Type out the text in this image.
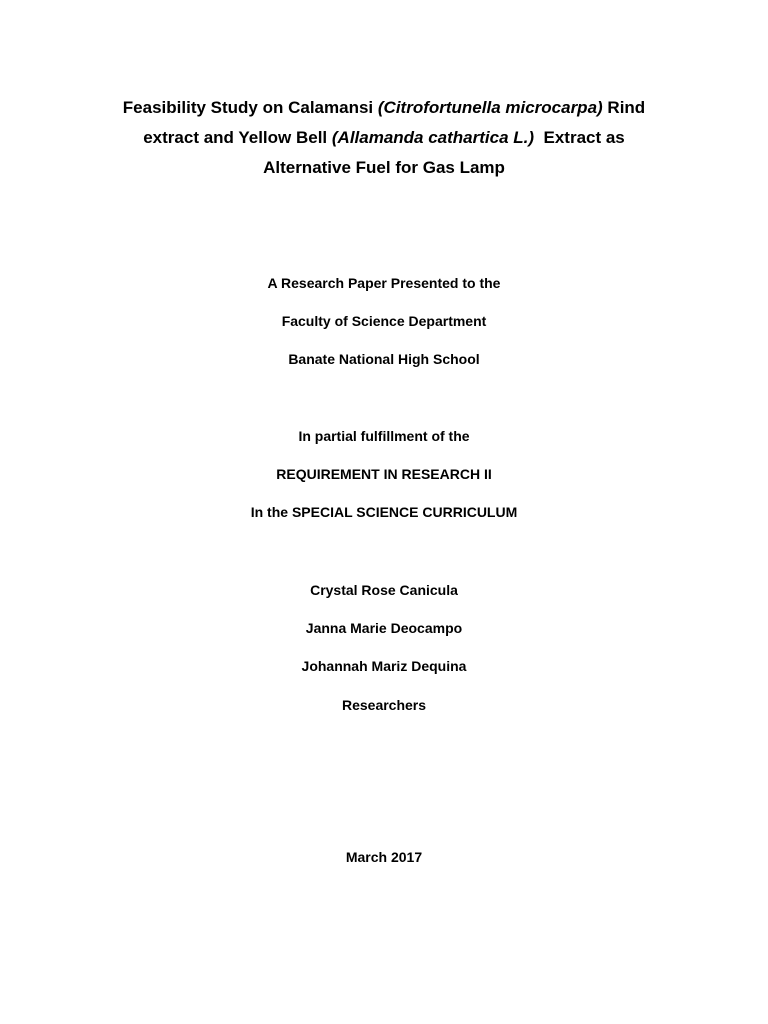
Feasibility Study on Calamansi (Citrofortunella microcarpa) Rind
extract and Yellow Bell (Allamanda cathartica L.)  Extract as
Alternative Fuel for Gas Lamp
A Research Paper Presented to the
Faculty of Science Department
Banate National High School
In partial fulfillment of the
REQUIREMENT IN RESEARCH II
In the SPECIAL SCIENCE CURRICULUM
Crystal Rose Canicula
Janna Marie Deocampo
Johannah Mariz Dequina
Researchers
March 2017
